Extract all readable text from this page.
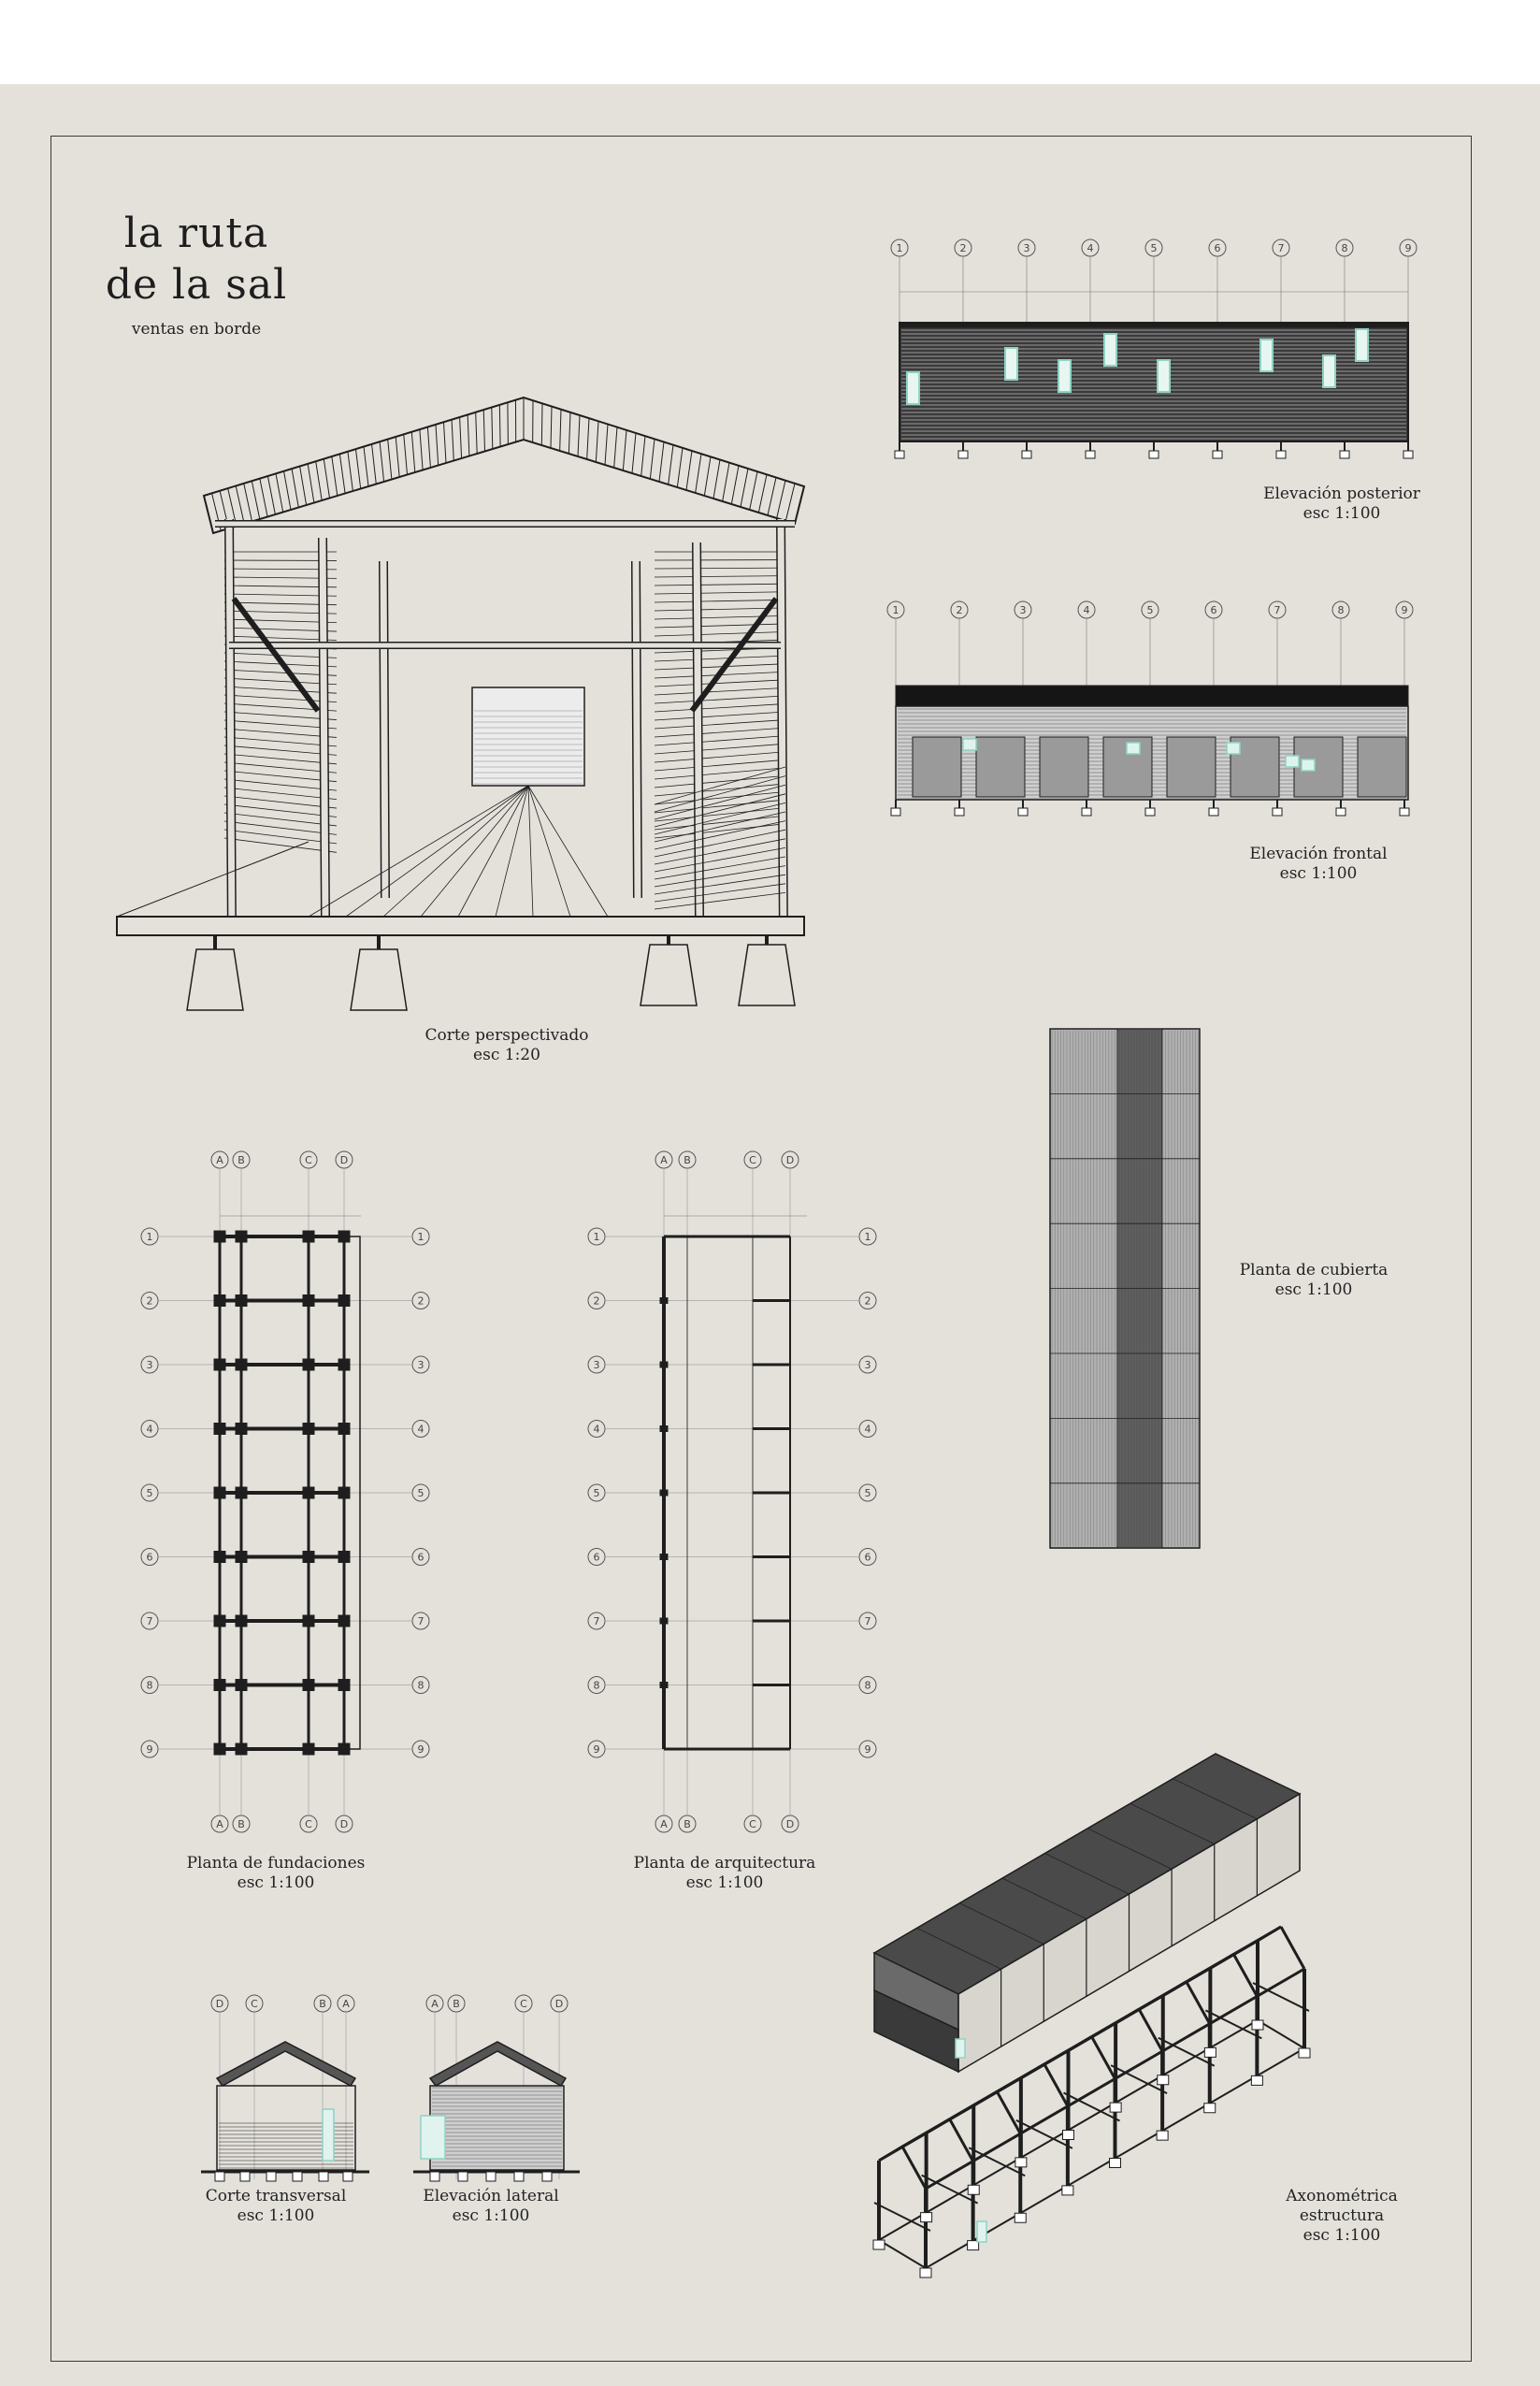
la ruta
de la sal
ventas en borde
1	2	3	4	5	6	7	8	9
1	2	3	4	5	6	7	8	9
A
A
B
B
C
C
D
D
1	1
2	2
3	3
4	4
5	5
6	6
7	7
8	8
9	9
A
A
B
B
C
C
D
D
1	1
2	2
3	3
4	4
5	5
6	6
7	7
8	8
9	9
D	C	B A	A B	C	D
Elevación posterior
esc 1:100
Elevación frontal
esc 1:100
Corte perspectivado
esc 1:20
Planta de cubierta
esc 1:100
Planta de fundaciones
esc 1:100
Planta de arquitectura
esc 1:100
Corte transversal
esc 1:100
Elevación lateral
esc 1:100
Axonométrica
estructura
esc 1:100
